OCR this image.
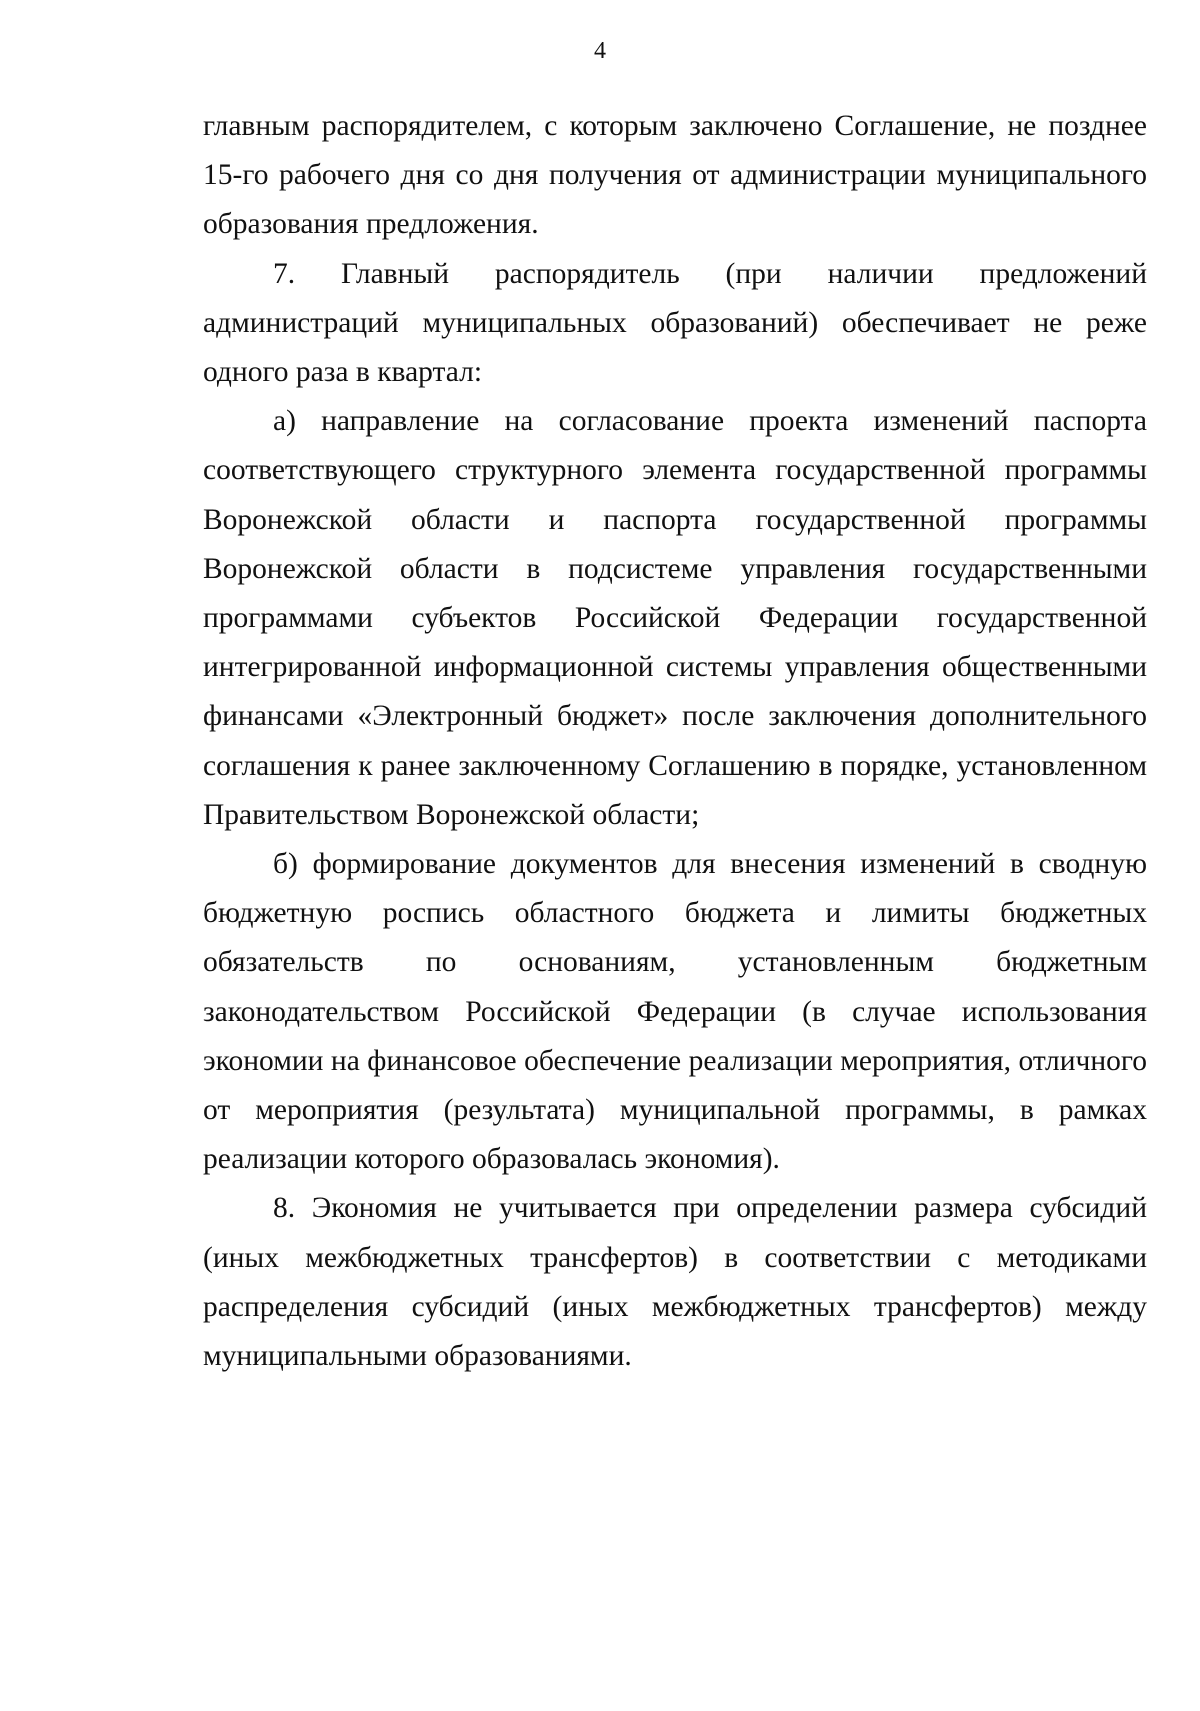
4

главным распорядителем, с которым заключено Соглашение, не позднее 15-го рабочего дня со дня получения от администрации муниципального образования предложения.

7. Главный распорядитель (при наличии предложений администраций муниципальных образований) обеспечивает не реже одного раза в квартал:

а) направление на согласование проекта изменений паспорта соответствующего структурного элемента государственной программы Воронежской области и паспорта государственной программы Воронежской области в подсистеме управления государственными программами субъектов Российской Федерации государственной интегрированной информационной системы управления общественными финансами «Электронный бюджет» после заключения дополнительного соглашения к ранее заключенному Соглашению в порядке, установленном Правительством Воронежской области;

б) формирование документов для внесения изменений в сводную бюджетную роспись областного бюджета и лимиты бюджетных обязательств по основаниям, установленным бюджетным законодательством Российской Федерации (в случае использования экономии на финансовое обеспечение реализации мероприятия, отличного от мероприятия (результата) муниципальной программы, в рамках реализации которого образовалась экономия).

8. Экономия не учитывается при определении размера субсидий (иных межбюджетных трансфертов) в соответствии с методиками распределения субсидий (иных межбюджетных трансфертов) между муниципальными образованиями.
